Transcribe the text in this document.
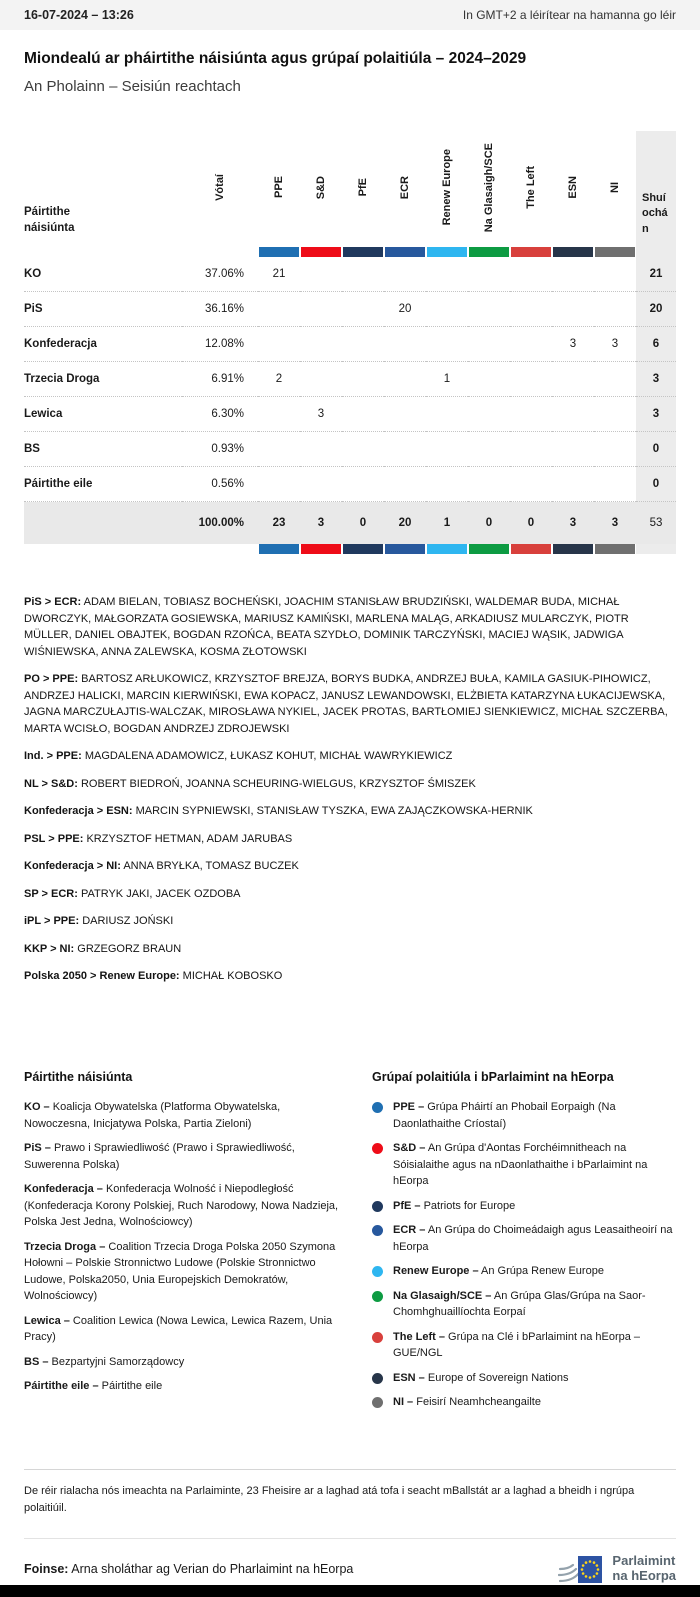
16-07-2024 – 13:26	In GMT+2 a léirítear na hamanna go léir
Miondealú ar pháirtithe náisiúnta agus grúpaí polaitiúla – 2024–2029
An Pholainn – Seisiún reachtach
Páirtithe náisiúnta	Vótaí	PPE	S&D	PfE	ECR	Renew Europe	Na Glasaigh/SCE	The Left	ESN	NI	Shuíochán

KO	37.06%	21									21
PiS	36.16%				20						20
Konfederacja	12.08%								3	3	6
Trzecia Droga	6.91%	2				1					3
Lewica	6.30%		3								3
BS	0.93%										0
Páirtithe eile	0.56%										0
	100.00%	23	3	0	20	1	0	0	3	3	53

PiS > ECR: ADAM BIELAN, TOBIASZ BOCHEŃSKI, JOACHIM STANISŁAW BRUDZIŃSKI, WALDEMAR BUDA, MICHAŁ DWORCZYK, MAŁGORZATA GOSIEWSKA, MARIUSZ KAMIŃSKI, MARLENA MALĄG, ARKADIUSZ MULARCZYK, PIOTR MÜLLER, DANIEL OBAJTEK, BOGDAN RZOŃCA, BEATA SZYDŁO, DOMINIK TARCZYŃSKI, MACIEJ WĄSIK, JADWIGA WIŚNIEWSKA, ANNA ZALEWSKA, KOSMA ZŁOTOWSKI

PO > PPE: BARTOSZ ARŁUKOWICZ, KRZYSZTOF BREJZA, BORYS BUDKA, ANDRZEJ BUŁA, KAMILA GASIUK-PIHOWICZ, ANDRZEJ HALICKI, MARCIN KIERWIŃSKI, EWA KOPACZ, JANUSZ LEWANDOWSKI, ELŻBIETA KATARZYNA ŁUKACIJEWSKA, JAGNA MARCZUŁAJTIS-WALCZAK, MIROSŁAWA NYKIEL, JACEK PROTAS, BARTŁOMIEJ SIENKIEWICZ, MICHAŁ SZCZERBA, MARTA WCISŁO, BOGDAN ANDRZEJ ZDROJEWSKI

Ind. > PPE: MAGDALENA ADAMOWICZ, ŁUKASZ KOHUT, MICHAŁ WAWRYKIEWICZ

NL > S&D: ROBERT BIEDROŃ, JOANNA SCHEURING-WIELGUS, KRZYSZTOF ŚMISZEK

Konfederacja > ESN: MARCIN SYPNIEWSKI, STANISŁAW TYSZKA, EWA ZAJĄCZKOWSKA-HERNIK

PSL > PPE: KRZYSZTOF HETMAN, ADAM JARUBAS

Konfederacja > NI: ANNA BRYŁKA, TOMASZ BUCZEK

SP > ECR: PATRYK JAKI, JACEK OZDOBA

iPL > PPE: DARIUSZ JOŃSKI

KKP > NI: GRZEGORZ BRAUN

Polska 2050 > Renew Europe: MICHAŁ KOBOSKO

Páirtithe náisiúnta

KO – Koalicja Obywatelska (Platforma Obywatelska, Nowoczesna, Inicjatywa Polska, Partia Zieloni)

PiS – Prawo i Sprawiedliwość (Prawo i Sprawiedliwość, Suwerenna Polska)

Konfederacja – Konfederacja Wolność i Niepodległość (Konfederacja Korony Polskiej, Ruch Narodowy, Nowa Nadzieja, Polska Jest Jedna, Wolnościowcy)

Trzecia Droga – Coalition Trzecia Droga Polska 2050 Szymona Hołowni – Polskie Stronnictwo Ludowe (Polskie Stronnictwo Ludowe, Polska2050, Unia Europejskich Demokratów, Wolnościowcy)

Lewica – Coalition Lewica (Nowa Lewica, Lewica Razem, Unia Pracy)

BS – Bezpartyjni Samorządowcy

Páirtithe eile – Páirtithe eile

Grúpaí polaitiúla i bParlaimint na hEorpa

PPE – Grúpa Pháirtí an Phobail Eorpaigh (Na Daonlathaithe Críostaí)

S&D – An Grúpa d'Aontas Forchéimnitheach na Sóisialaithe agus na nDaonlathaithe i bParlaimint na hEorpa

PfE – Patriots for Europe

ECR – An Grúpa do Choimeádaigh agus Leasaitheoirí na hEorpa

Renew Europe – An Grúpa Renew Europe

Na Glasaigh/SCE – An Grúpa Glas/Grúpa na Saor-Chomhghuaillíochta Eorpaí

The Left – Grúpa na Clé i bParlaimint na hEorpa – GUE/NGL

ESN – Europe of Sovereign Nations

NI – Feisirí Neamhcheangailte

De réir rialacha nós imeachta na Parlaiminte, 23 Fheisire ar a laghad atá tofa i seacht mBallstát ar a laghad a bheidh i ngrúpa polaitiúil.

Foinse: Arna sholáthar ag Verian do Pharlaimint na hEorpa

Parlaimint
na hEorpa
